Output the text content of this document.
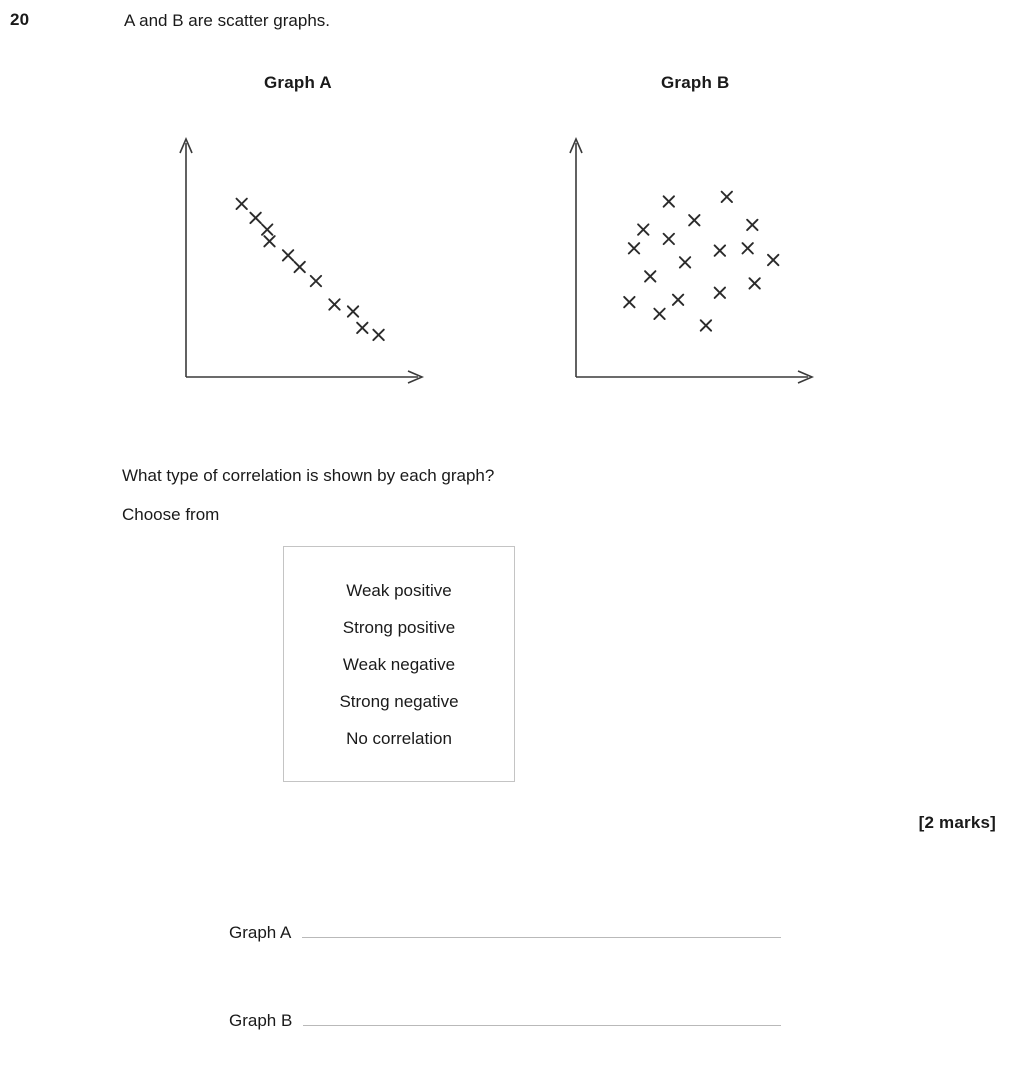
20	A and B are scatter graphs.
Graph A	Graph B
What type of correlation is shown by each graph?
Choose from
Weak positive
Strong positive
Weak negative
Strong negative
No correlation
[2 marks]
Graph A
Graph B
